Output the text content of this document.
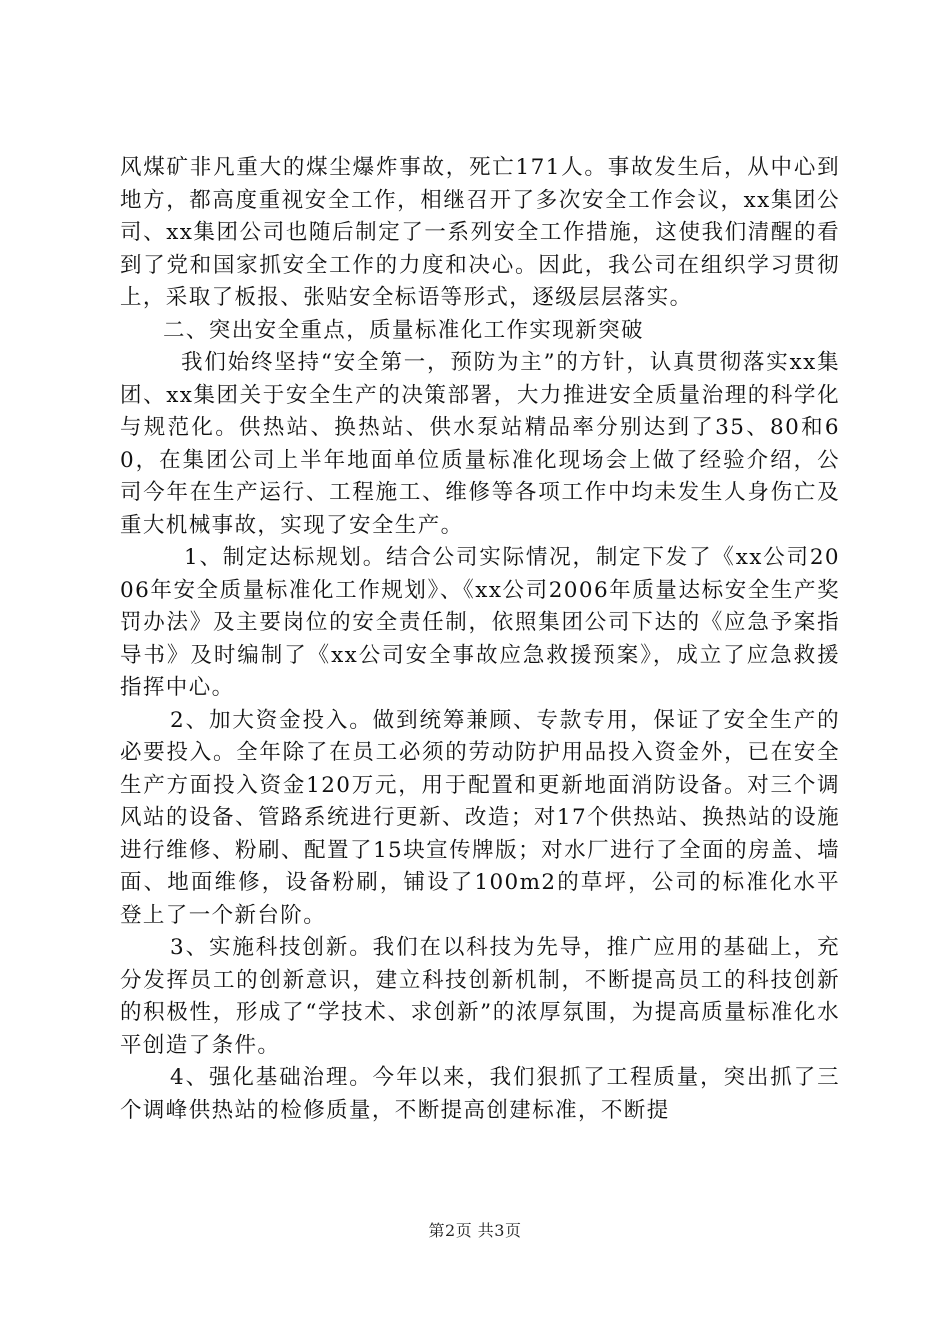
风煤矿非凡重大的煤尘爆炸事故，死亡171人。事故发生后，从中心到地方，都高度重视安全工作，相继召开了多次安全工作会议，xx集团公司、xx集团公司也随后制定了一系列安全工作措施，这使我们清醒的看到了党和国家抓安全工作的力度和决心。因此，我公司在组织学习贯彻上，采取了板报、张贴安全标语等形式，逐级层层落实。

二、突出安全重点，质量标准化工作实现新突破

我们始终坚持“安全第一，预防为主”的方针，认真贯彻落实xx集团、xx集团关于安全生产的决策部署，大力推进安全质量治理的科学化与规范化。供热站、换热站、供水泵站精品率分别达到了35、80和60，在集团公司上半年地面单位质量标准化现场会上做了经验介绍，公司今年在生产运行、工程施工、维修等各项工作中均未发生人身伤亡及重大机械事故，实现了安全生产。

1、制定达标规划。结合公司实际情况，制定下发了《xx公司2006年安全质量标准化工作规划》、《xx公司2006年质量达标安全生产奖罚办法》及主要岗位的安全责任制，依照集团公司下达的《应急予案指导书》及时编制了《xx公司安全事故应急救援预案》，成立了应急救援指挥中心。

2、加大资金投入。做到统筹兼顾、专款专用，保证了安全生产的必要投入。全年除了在员工必须的劳动防护用品投入资金外，已在安全生产方面投入资金120万元，用于配置和更新地面消防设备。对三个调风站的设备、管路系统进行更新、改造；对17个供热站、换热站的设施进行维修、粉刷、配置了15块宣传牌版；对水厂进行了全面的房盖、墙面、地面维修，设备粉刷，铺设了100m2的草坪，公司的标准化水平登上了一个新台阶。

3、实施科技创新。我们在以科技为先导，推广应用的基础上，充分发挥员工的创新意识，建立科技创新机制，不断提高员工的科技创新的积极性，形成了“学技术、求创新”的浓厚氛围，为提高质量标准化水平创造了条件。

4、强化基础治理。今年以来，我们狠抓了工程质量，突出抓了三个调峰供热站的检修质量，不断提高创建标准，不断提

第2页 共3页
